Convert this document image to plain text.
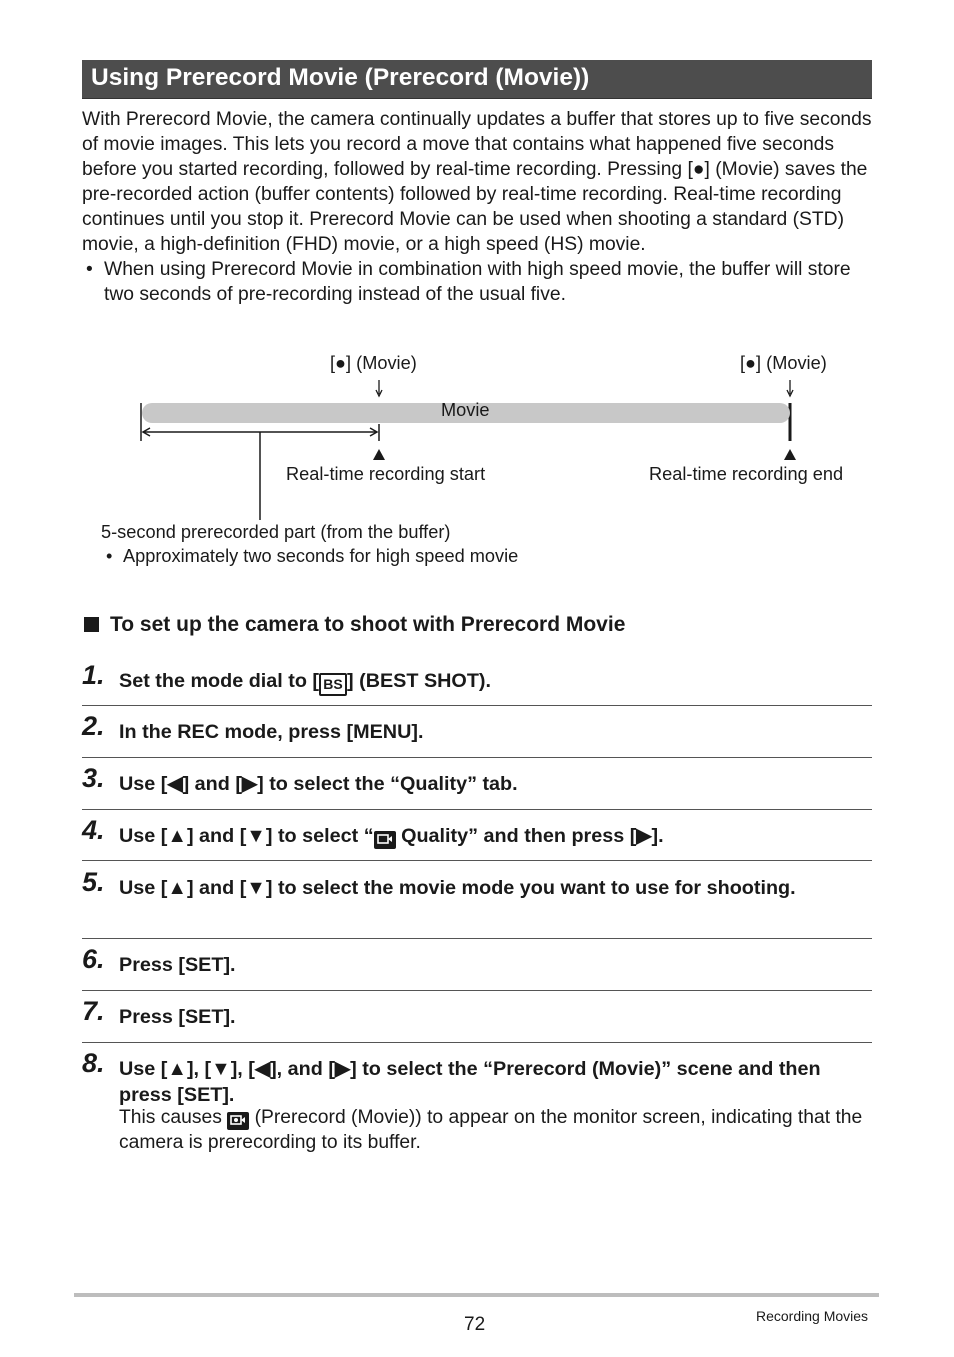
Using Prerecord Movie (Prerecord (Movie))

With Prerecord Movie, the camera continually updates a buffer that stores up to five seconds of movie images. This lets you record a move that contains what happened five seconds before you started recording, followed by real-time recording. Pressing [●] (Movie) saves the pre-recorded action (buffer contents) followed by real-time recording. Real-time recording continues until you stop it. Prerecord Movie can be used when shooting a standard (STD) movie, a high-definition (FHD) movie, or a high speed (HS) movie.

• When using Prerecord Movie in combination with high speed movie, the buffer will store two seconds of pre-recording instead of the usual five.
Movie
[●] (Movie)	[●] (Movie)
Real-time recording start	Real-time recording end
5-second prerecorded part (from the buffer)
• Approximately two seconds for high speed movie
To set up the camera to shoot with Prerecord Movie
1. Set the mode dial to [ BS ] (BEST SHOT).
2. In the REC mode, press [MENU].
3. Use [◀] and [▶] to select the “Quality” tab.
4. Use [▲] and [▼] to select “ Quality” and then press [▶].
5. Use [▲] and [▼] to select the movie mode you want to use for shooting.
6. Press [SET].
7. Press [SET].
8. Use [▲], [▼], [◀], and [▶] to select the “Prerecord (Movie)” scene and then press [SET].
This causes  (Prerecord (Movie)) to appear on the monitor screen, indicating that the camera is prerecording to its buffer.
72	Recording Movies
